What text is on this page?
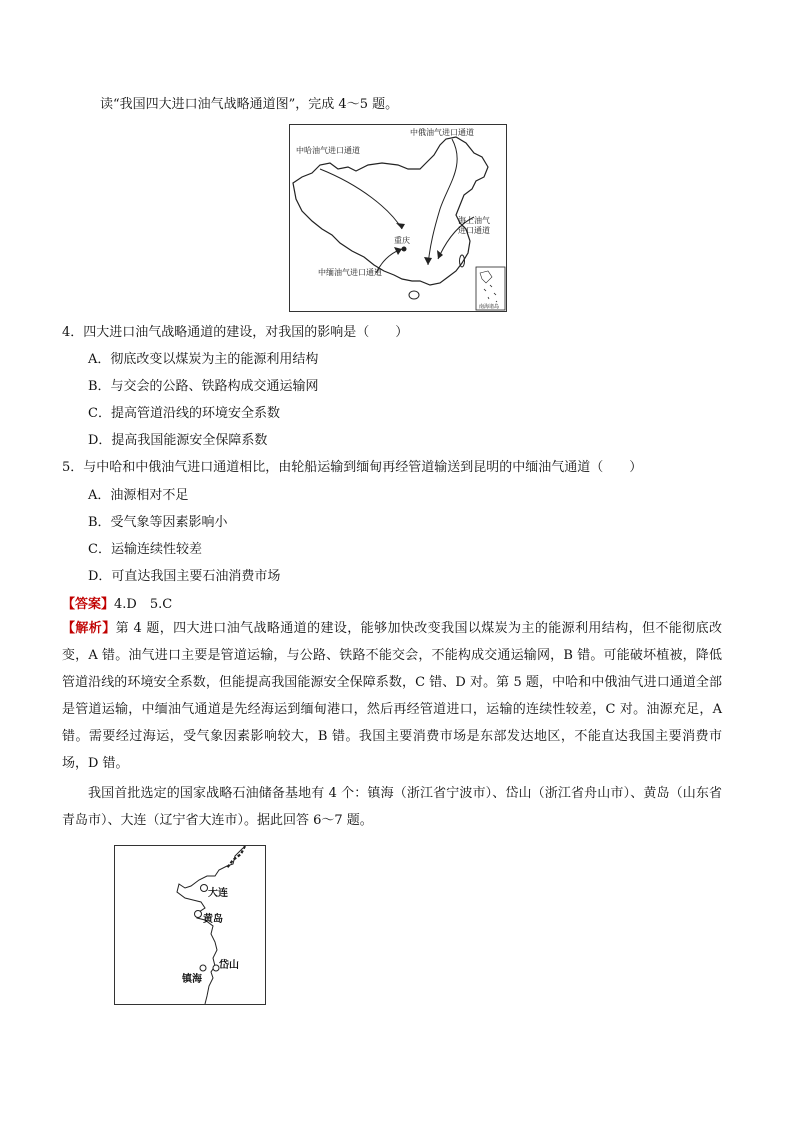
读“我国四大进口油气战略通道图”，完成 4～5 题。
中哈油气进口通道
中俄油气进口通道
海上油气
进口通道
重庆
中缅油气进口通道
南海诸岛
4．四大进口油气战略通道的建设，对我国的影响是（　　）
A．彻底改变以煤炭为主的能源利用结构
B．与交会的公路、铁路构成交通运输网
C．提高管道沿线的环境安全系数
D．提高我国能源安全保障系数
5．与中哈和中俄油气进口通道相比，由轮船运输到缅甸再经管道输送到昆明的中缅油气通道（　　）
A．油源相对不足
B．受气象等因素影响小
C．运输连续性较差
D．可直达我国主要石油消费市场
【答案】4.D　5.C
【解析】第 4 题，四大进口油气战略通道的建设，能够加快改变我国以煤炭为主的能源利用结构，但不能彻底改变，A 错。油气进口主要是管道运输，与公路、铁路不能交会，不能构成交通运输网，B 错。可能破坏植被，降低管道沿线的环境安全系数，但能提高我国能源安全保障系数，C 错、D 对。第 5 题，中哈和中俄油气进口通道全部是管道运输，中缅油气通道是先经海运到缅甸港口，然后再经管道进口，运输的连续性较差，C 对。油源充足，A 错。需要经过海运，受气象因素影响较大，B 错。我国主要消费市场是东部发达地区，不能直达我国主要消费市场，D 错。
我国首批选定的国家战略石油储备基地有 4 个：镇海（浙江省宁波市）、岱山（浙江省舟山市）、黄岛（山东省青岛市）、大连（辽宁省大连市）。据此回答 6～7 题。
大连
黄岛
岱山
镇海
